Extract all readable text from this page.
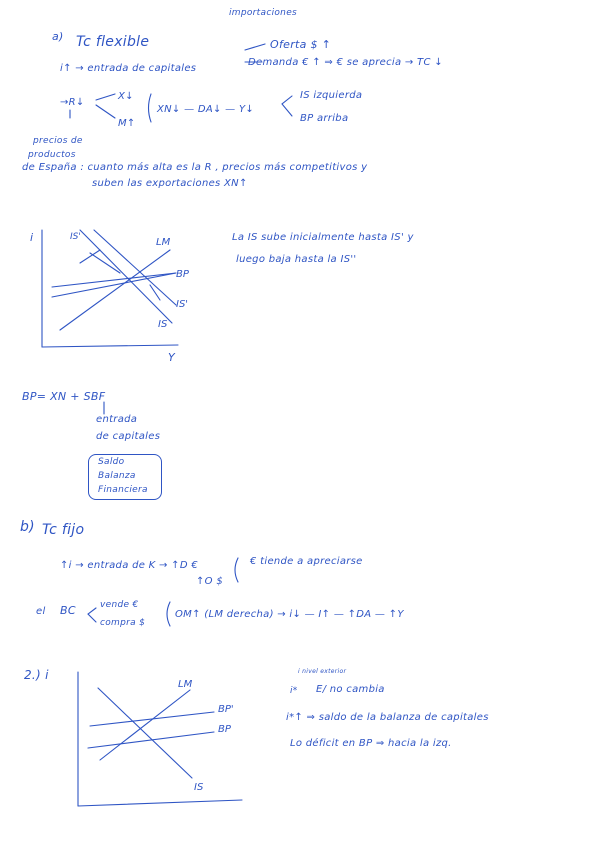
importaciones
a) Tc flexible	Oferta $ ↑
i↑ → entrada de capitales
Demanda € ↑ ⇒ € se aprecia → TC ↓
→R↓
X↓
M↑
XN↓ — DA↓ — Y↓
IS izquierda
BP arriba
precios de
productos
de España : cuanto más alta es la R , precios más competitivos y
suben las exportaciones XN↑
i
Y
LM
BP
IS'
IS
IS'	La IS sube inicialmente hasta IS' y
luego baja hasta la IS''
BP= XN + SBF
entrada
de capitales
Saldo
Balanza
Financiera
b) Tc fijo
↑i → entrada de K → ↑D €
↑O $
€ tiende a apreciarse
el BC	vende €
compra $
OM↑ (LM derecha) → i↓ — I↑ — ↑DA — ↑Y
2.) i
LM
BP'
BP
IS
i nivel exterior
i* E/ no cambia
i*↑ ⇒ saldo de la balanza de capitales
Lo déficit en BP ⇒ hacia la izq.
